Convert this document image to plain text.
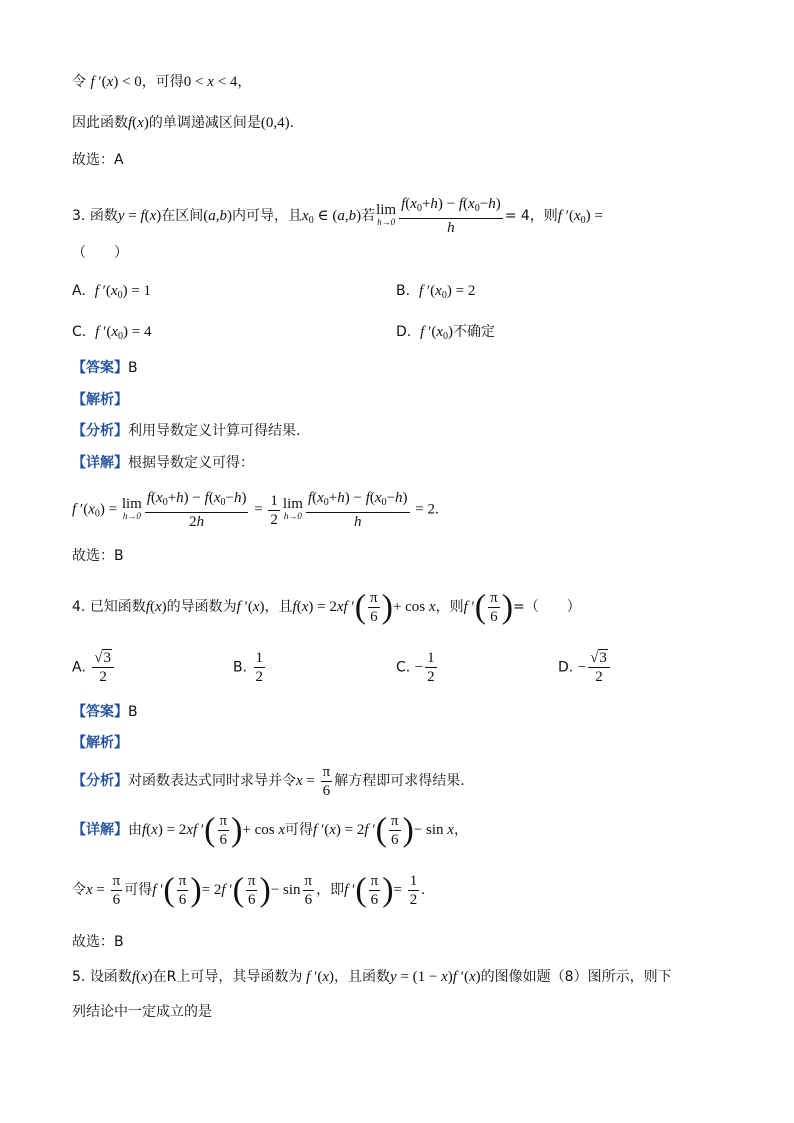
令 f ′(x) < 0，可得0 < x < 4，
因此函数f(x)的单调递减区间是(0,4).
故选：A
3. 函数y = f(x)在区间(a,b)内可导，且$x_0$ ∈ (a,b)若 lim
$h\to 0 \frac{f(x_0+h) - f(x_0-h)}{h} = 4$，则f $'(x_0)$ =
（　　）
A. f $'(x_0) = 1$	B. f $'(x_0) = 2$
C. f $'(x_0) = 4$	D. f $'(x_0)$不确定
【答案】B
【解析】
【分析】利用导数定义计算可得结果.
【详解】根据导数定义可得：
f $'(x_0) = \lim$
$h\to 0 \frac{f(x_0+h) - f(x_0-h)}{2h} = \frac{1}{2}$ lim
$h\to 0 \frac{f(x_0+h) - f(x_0-h)}{h} = 2$.
故选：B
4. 已知函数f(x)的导函数为f ′(x)，且f(x) = 2xf ′( $\frac{\pi}{6}$ )+ cos x，则f ′( $\frac{\pi}{6}$ )=（　　）
A. $\frac{√3}{2}$	B. $\frac{1}{2}$	C. − $\frac{1}{2}$	D. − $\frac{√3}{2}$
【答案】B
【解析】
【分析】对函数表达式同时求导并令$x = \frac{\pi}{6}$ 解方程即可求得结果.
【详解】由f(x) = 2xf ′( $\frac{\pi}{6}$ )+ cos x可得f ′(x) = 2f ′( $\frac{\pi}{6}$ )− sin x，
令$x = \frac{\pi}{6}$ 可得f ′( $\frac{\pi}{6}$ )= 2f ′( $\frac{\pi}{6}$ )− $\sin \frac{\pi}{6}$ ，即f ′( $\frac{\pi}{6}$ )= $\frac{1}{2}$ .
故选：B
5. 设函数f(x)在R上可导，其导函数为 f ′(x)，且函数y = (1 − x)f ′(x)的图像如题（8）图所示，则下
列结论中一定成立的是
